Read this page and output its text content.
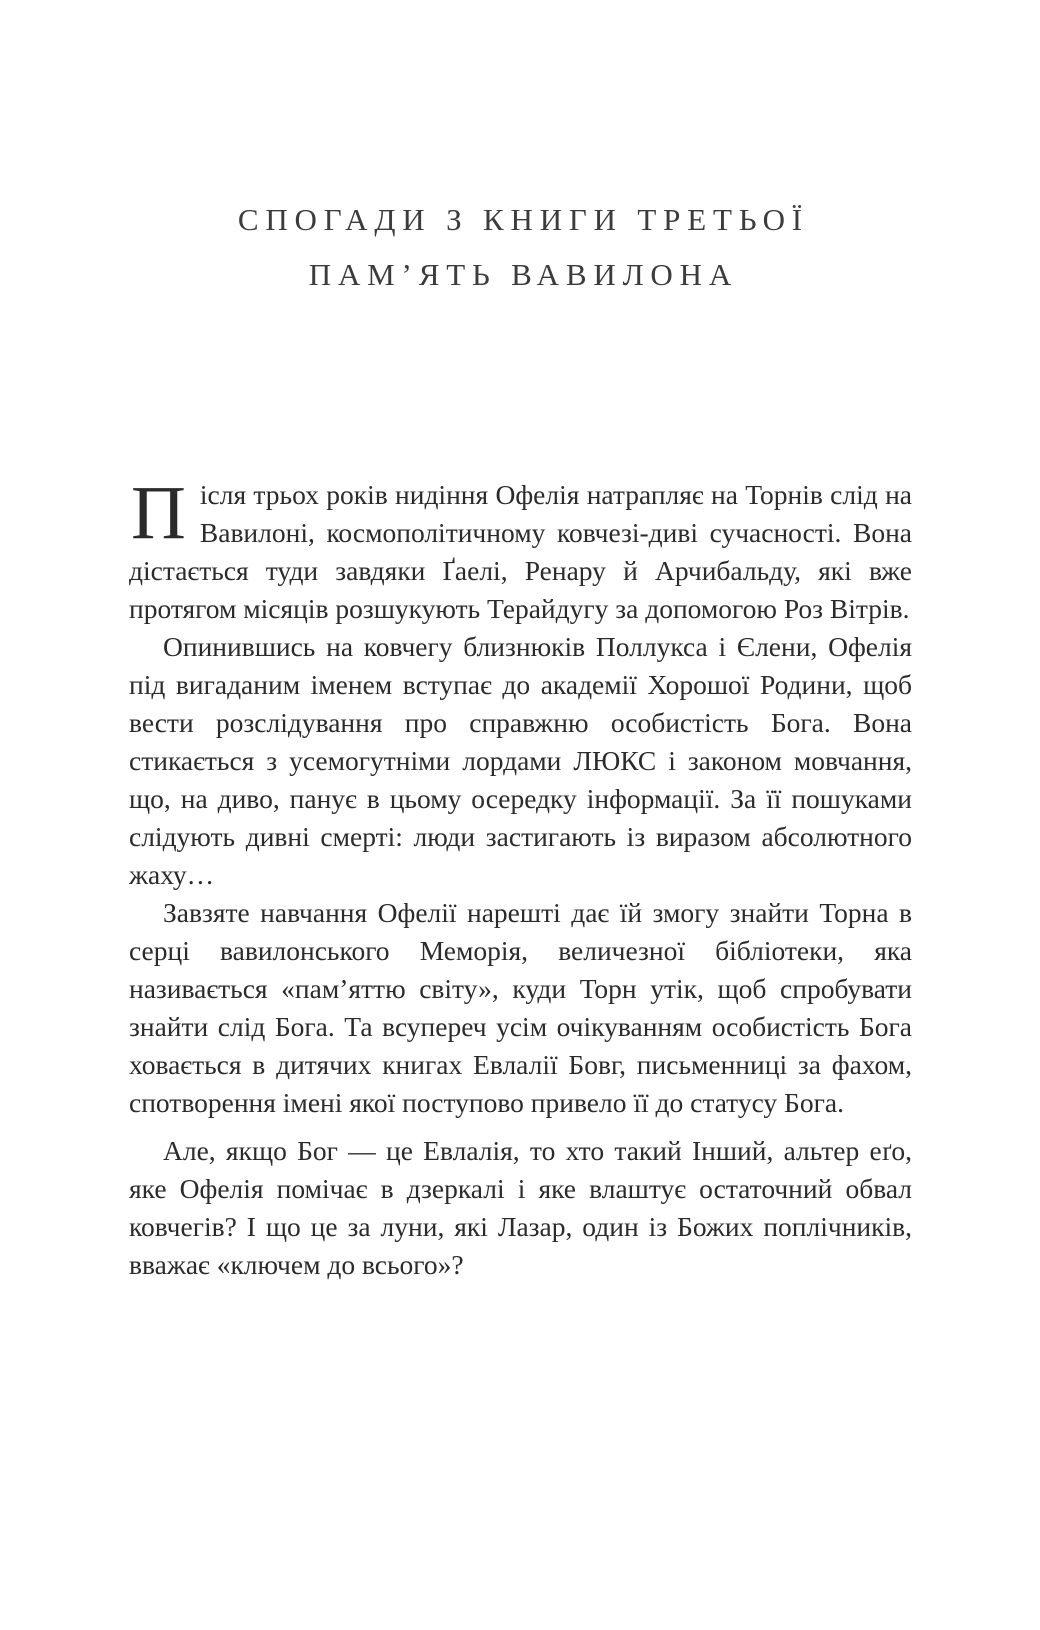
СПОГАДИ З КНИГИ ТРЕТЬОЇ
ПАМ’ЯТЬ ВАВИЛОНА

Після трьох років нидіння Офелія натрапляє на Торнів слід на Вавилоні, космополітичному ковчезі-диві сучасності. Вона дістається туди завдяки Ґаелі, Ренару й Арчибальду, які вже протягом місяців розшукують Терайдугу за допомогою Роз Вітрів.

Опинившись на ковчегу близнюків Поллукса і Єлени, Офелія під вигаданим іменем вступає до академії Хорошої Родини, щоб вести розслідування про справжню особистість Бога. Вона стикається з усемогутніми лордами ЛЮКС і законом мовчання, що, на диво, панує в цьому осередку інформації. За її пошуками слідують дивні смерті: люди застигають із виразом абсолютного жаху…

Завзяте навчання Офелії нарешті дає їй змогу знайти Торна в серці вавилонського Меморія, величезної бібліотеки, яка називається «пам’яттю світу», куди Торн утік, щоб спробувати знайти слід Бога. Та всупереч усім очікуванням особистість Бога ховається в дитячих книгах Евлалії Бовг, письменниці за фахом, спотворення імені якої поступово привело її до статусу Бога.

Але, якщо Бог — це Евлалія, то хто такий Інший, альтер еґо, яке Офелія помічає в дзеркалі і яке влаштує остаточний обвал ковчегів? І що це за луни, які Лазар, один із Божих поплічників, вважає «ключем до всього»?
